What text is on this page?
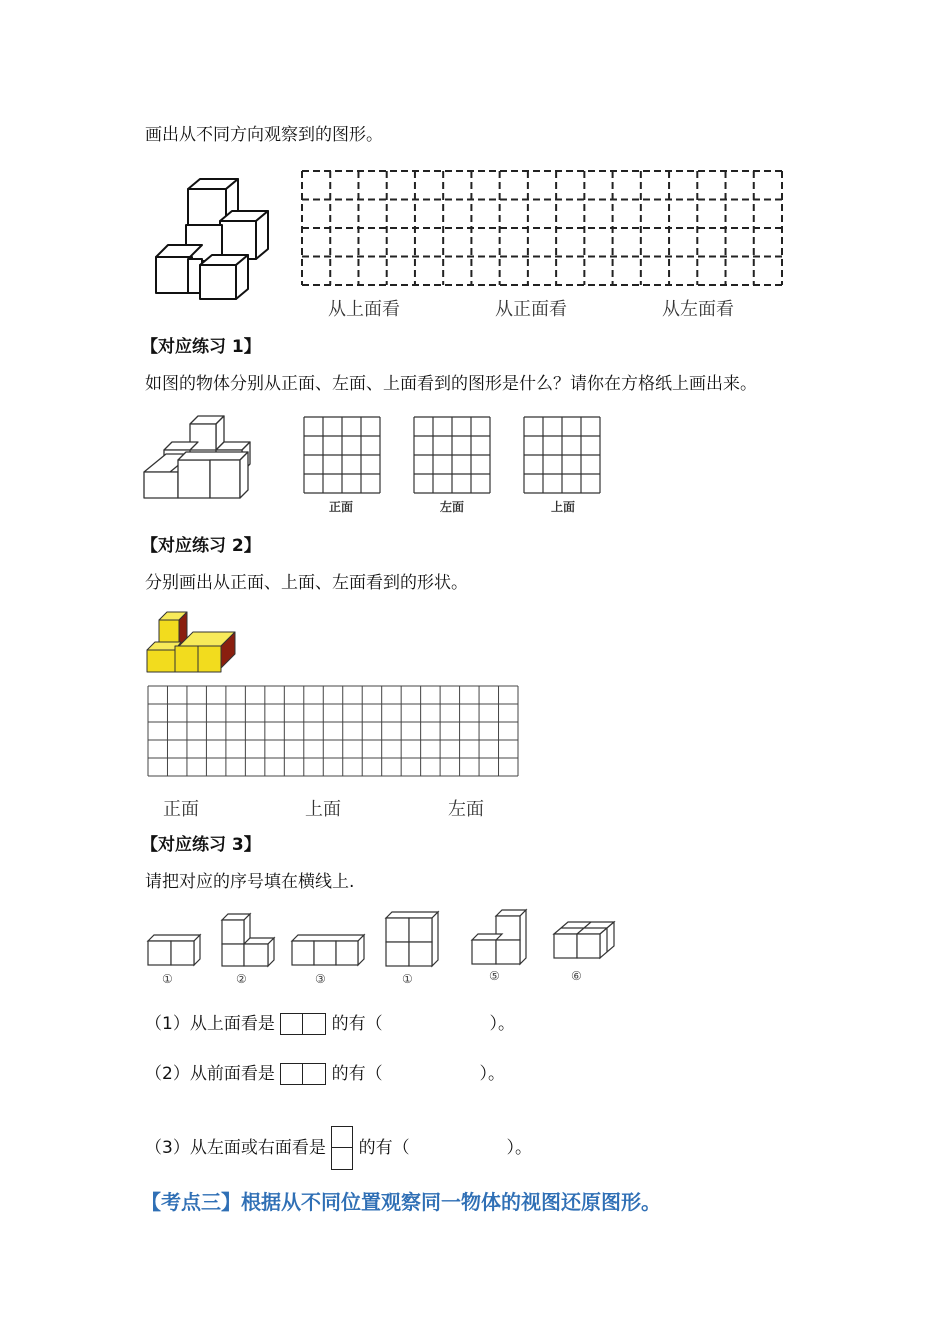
画出从不同方向观察到的图形。
从上面看	从正面看	从左面看
【对应练习 1】
如图的物体分别从正面、左面、上面看到的图形是什么？请你在方格纸上画出来。
正面	左面	上面
【对应练习 2】
分别画出从正面、上面、左面看到的形状。
正面	上面	左面
【对应练习 3】
请把对应的序号填在横线上.
①	②	③	①	⑤	⑥
（1）从上面看是	的有（	）。
（2）从前面看是	的有（	）。
（3）从左面或右面看是 的有（	）。
【考点三】根据从不同位置观察同一物体的视图还原图形。
